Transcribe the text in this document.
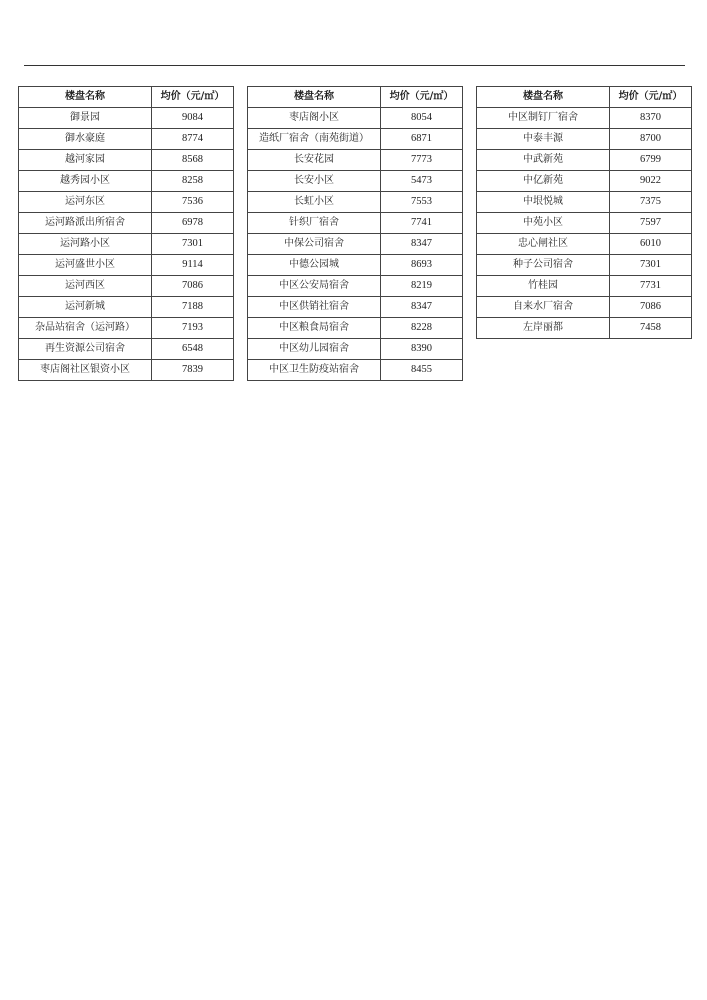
楼盘名称	均价（元/㎡）
御景园	9084
御水豪庭	8774
越河家园	8568
越秀园小区	8258
运河东区	7536
运河路派出所宿舍	6978
运河路小区	7301
运河盛世小区	9114
运河西区	7086
运河新城	7188
杂品站宿舍（运河路）	7193
再生资源公司宿舍	6548
枣店阁社区银资小区	7839
楼盘名称	均价（元/㎡）
枣店阁小区	8054
造纸厂宿舍（南苑街道）	6871
长安花园	7773
长安小区	5473
长虹小区	7553
针织厂宿舍	7741
中保公司宿舍	8347
中德公园城	8693
中区公安局宿舍	8219
中区供销社宿舍	8347
中区粮食局宿舍	8228
中区幼儿园宿舍	8390
中区卫生防疫站宿舍	8455
楼盘名称	均价（元/㎡）
中区制钉厂宿舍	8370
中泰丰源	8700
中武新苑	6799
中亿新苑	9022
中垠悦城	7375
中苑小区	7597
忠心闸社区	6010
种子公司宿舍	7301
竹桂园	7731
自来水厂宿舍	7086
左岸丽都	7458
